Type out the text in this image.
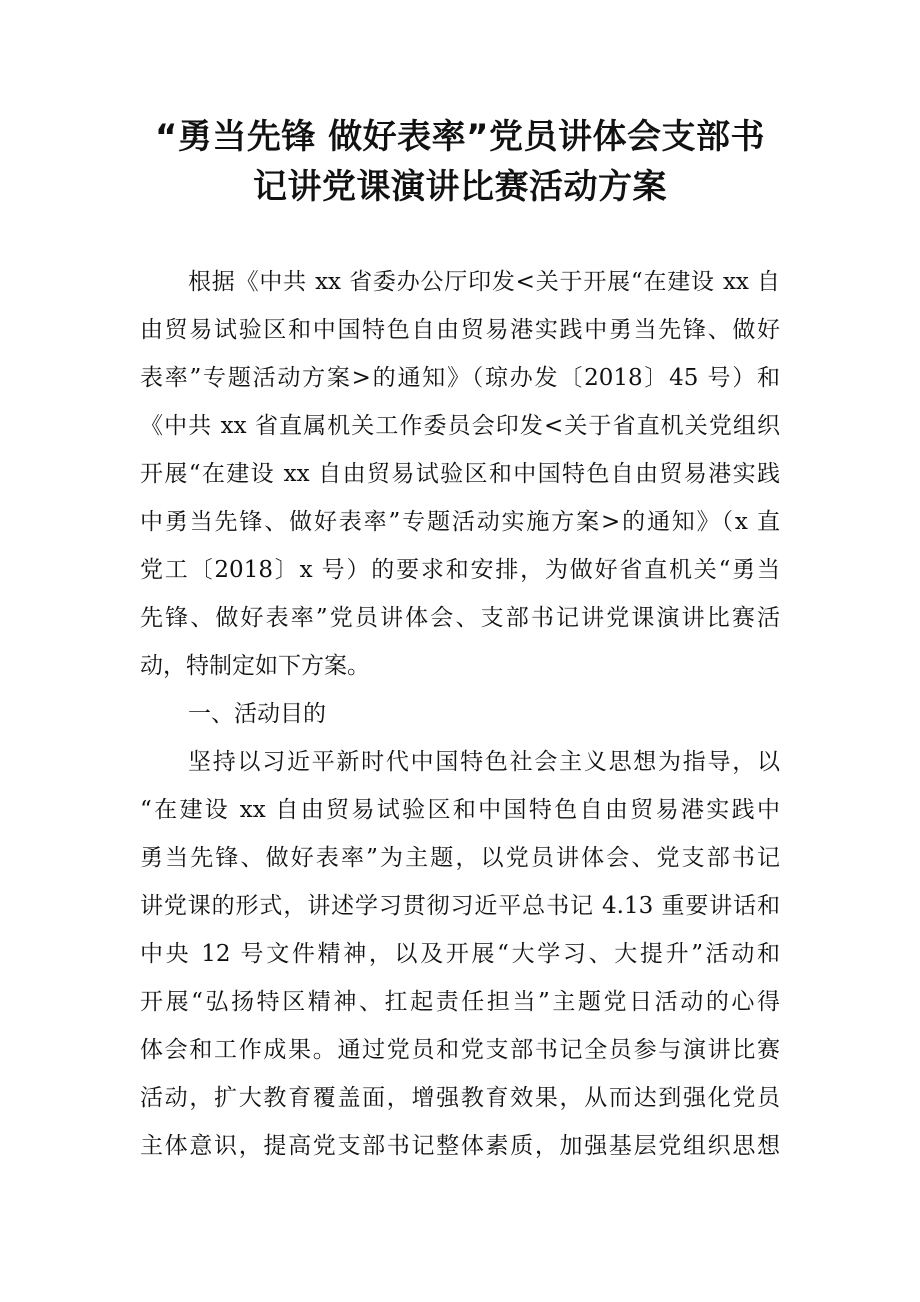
“勇当先锋 做好表率”党员讲体会支部书
记讲党课演讲比赛活动方案
根据《中共 xx 省委办公厅印发<关于开展“在建设 xx 自
由贸易试验区和中国特色自由贸易港实践中勇当先锋、做好
表率”专题活动方案>的通知》（琼办发〔2018〕45 号）和
《中共 xx 省直属机关工作委员会印发<关于省直机关党组织
开展“在建设 xx 自由贸易试验区和中国特色自由贸易港实践
中勇当先锋、做好表率”专题活动实施方案>的通知》（x 直
党工〔2018〕x 号）的要求和安排，为做好省直机关“勇当
先锋、做好表率”党员讲体会、支部书记讲党课演讲比赛活
动，特制定如下方案。
一、活动目的
坚持以习近平新时代中国特色社会主义思想为指导，以
“在建设 xx 自由贸易试验区和中国特色自由贸易港实践中
勇当先锋、做好表率”为主题，以党员讲体会、党支部书记
讲党课的形式，讲述学习贯彻习近平总书记 4.13 重要讲话和
中央 12 号文件精神，以及开展“大学习、大提升”活动和
开展“弘扬特区精神、扛起责任担当”主题党日活动的心得
体会和工作成果。通过党员和党支部书记全员参与演讲比赛
活动，扩大教育覆盖面，增强教育效果，从而达到强化党员
主体意识，提高党支部书记整体素质，加强基层党组织思想
